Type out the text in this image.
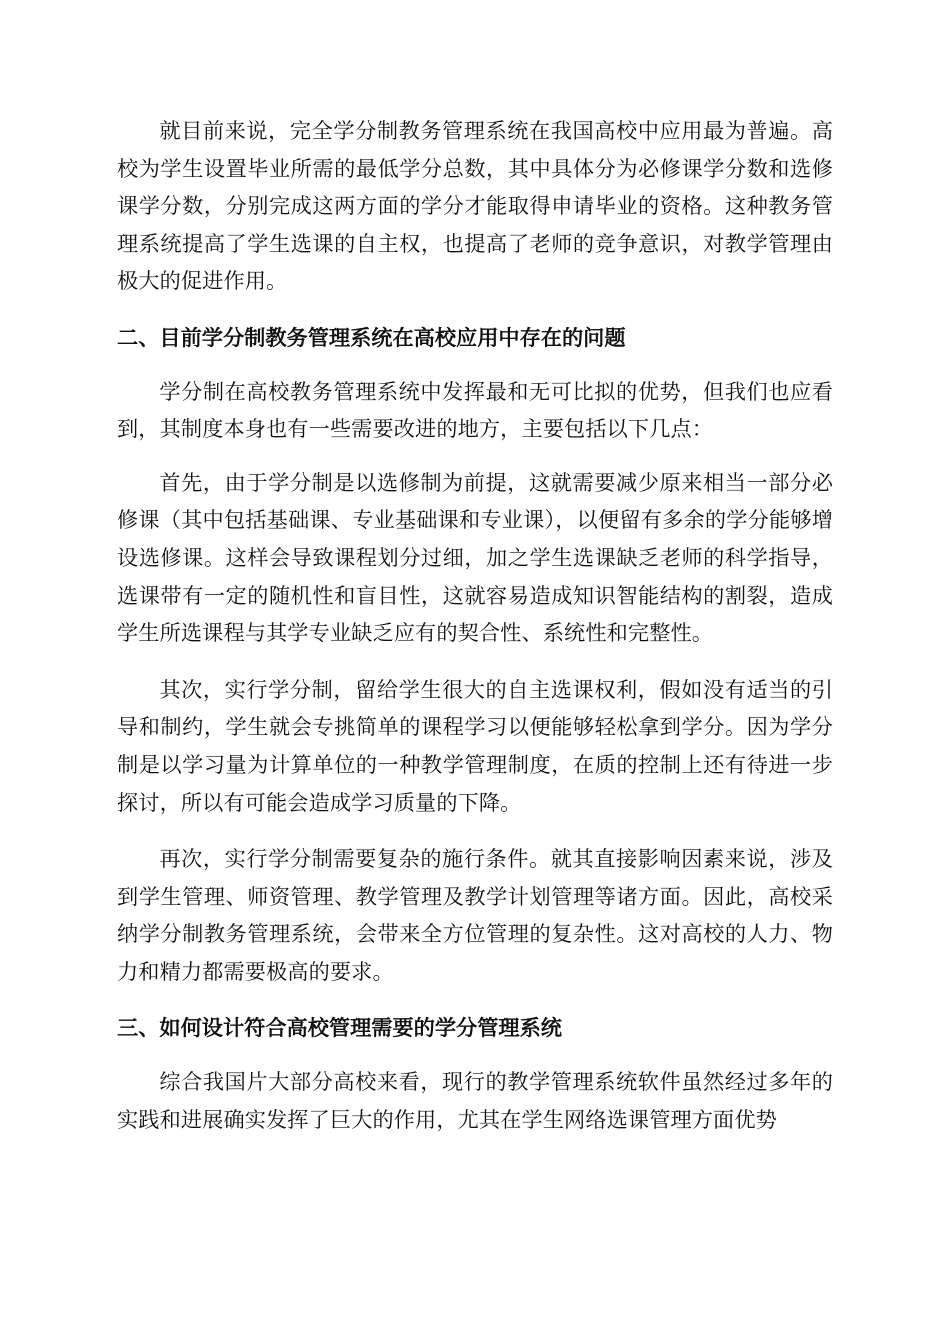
就目前来说，完全学分制教务管理系统在我国高校中应用最为普遍。高校为学生设置毕业所需的最低学分总数，其中具体分为必修课学分数和选修课学分数，分别完成这两方面的学分才能取得申请毕业的资格。这种教务管理系统提高了学生选课的自主权，也提高了老师的竞争意识，对教学管理由极大的促进作用。

二、目前学分制教务管理系统在高校应用中存在的问题

学分制在高校教务管理系统中发挥最和无可比拟的优势，但我们也应看到，其制度本身也有一些需要改进的地方，主要包括以下几点：

首先，由于学分制是以选修制为前提，这就需要减少原来相当一部分必修课（其中包括基础课、专业基础课和专业课），以便留有多余的学分能够增设选修课。这样会导致课程划分过细，加之学生选课缺乏老师的科学指导，选课带有一定的随机性和盲目性，这就容易造成知识智能结构的割裂，造成学生所选课程与其学专业缺乏应有的契合性、系统性和完整性。

其次，实行学分制，留给学生很大的自主选课权利，假如没有适当的引导和制约，学生就会专挑简单的课程学习以便能够轻松拿到学分。因为学分制是以学习量为计算单位的一种教学管理制度，在质的控制上还有待进一步探讨，所以有可能会造成学习质量的下降。

再次，实行学分制需要复杂的施行条件。就其直接影响因素来说，涉及到学生管理、师资管理、教学管理及教学计划管理等诸方面。因此，高校采纳学分制教务管理系统，会带来全方位管理的复杂性。这对高校的人力、物力和精力都需要极高的要求。

三、如何设计符合高校管理需要的学分管理系统

综合我国片大部分高校来看，现行的教学管理系统软件虽然经过多年的实践和进展确实发挥了巨大的作用，尤其在学生网络选课管理方面优势
